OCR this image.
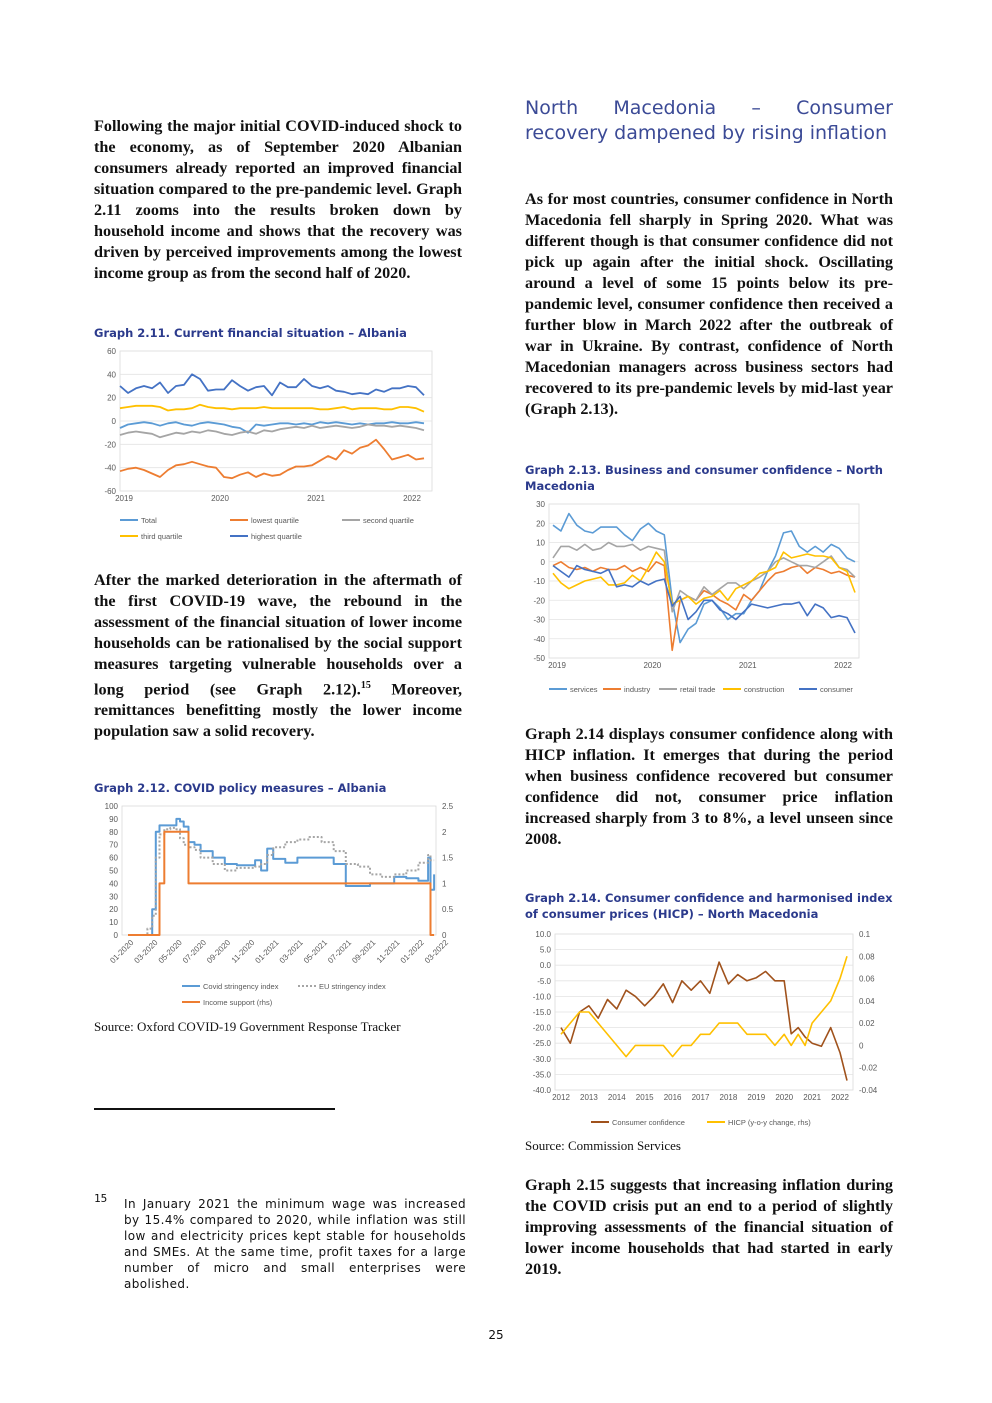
Following the major initial COVID-induced shock to the economy, as of September 2020 Albanian consumers already reported an improved financial situation compared to the pre-pandemic level. Graph 2.11 zooms into the results broken down by household income and shows that the recovery was driven by perceived improvements among the lowest income group as from the second half of 2020.
Graph 2.11. Current financial situation – Albania
60
40
20
0
-20
-40
-60
2019	2020	2021	2022
Total	lowest quartile	second quartile
third quartile	highest quartile
After the marked deterioration in the aftermath of the first COVID-19 wave, the rebound in the assessment of the financial situation of lower income households can be rationalised by the social support measures targeting vulnerable households over a long period (see Graph 2.12).$^{15}$ Moreover, remittances benefitting mostly the lower income population saw a solid recovery.
Graph 2.12. COVID policy measures – Albania
100
90
80
70
60
50
40
30
20
10
0
2.5
2
1.5
1
0.5
0
01-2020
03-2020
05-2020
07-2020
09-2020
11-2020
01-2021
03-2021
05-2021
07-2021
09-2021
11-2021
01-2022
03-2022
Covid stringency index	EU stringency index
Income support (rhs)
Source: Oxford COVID-19 Government Response Tracker
15 In January 2021 the minimum wage was increased by 15.4% compared to 2020, while inflation was still low and electricity prices kept stable for households and SMEs. At the same time, profit taxes for a large number of micro and small enterprises were abolished.
North Macedonia – Consumer recovery dampened by rising inflation
As for most countries, consumer confidence in North Macedonia fell sharply in Spring 2020. What was different though is that consumer confidence did not pick up again after the initial shock. Oscillating around a level of some 15 points below its pre-pandemic level, consumer confidence then received a further blow in March 2022 after the outbreak of war in Ukraine. By contrast, confidence of North Macedonian managers across business sectors had recovered to its pre-pandemic levels by mid-last year (Graph 2.13).
Graph 2.13. Business and consumer confidence – North Macedonia
30
20
10
0
-10
-20
-30
-40
-50
2019	2020	2021	2022
services	industry	retail trade	construction	consumer
Graph 2.14 displays consumer confidence along with HICP inflation. It emerges that during the period when business confidence recovered but consumer confidence did not, consumer price inflation increased sharply from 3 to 8%, a level unseen since 2008.
Graph 2.14. Consumer confidence and harmonised index of consumer prices (HICP) – North Macedonia
10.0
5.0
0.0
-5.0
-10.0
-15.0
-20.0
-25.0
-30.0
-35.0
-40.0
0.1
0.08
0.06
0.04
0.02
0
-0.02
-0.04
2012 2013 2014 2015 2016 2017 2018 2019 2020 2021 2022
Consumer confidence	HICP (y-o-y change, rhs)
Source: Commission Services
Graph 2.15 suggests that increasing inflation during the COVID crisis put an end to a period of slightly improving assessments of the financial situation of lower income households that had started in early 2019.
25
